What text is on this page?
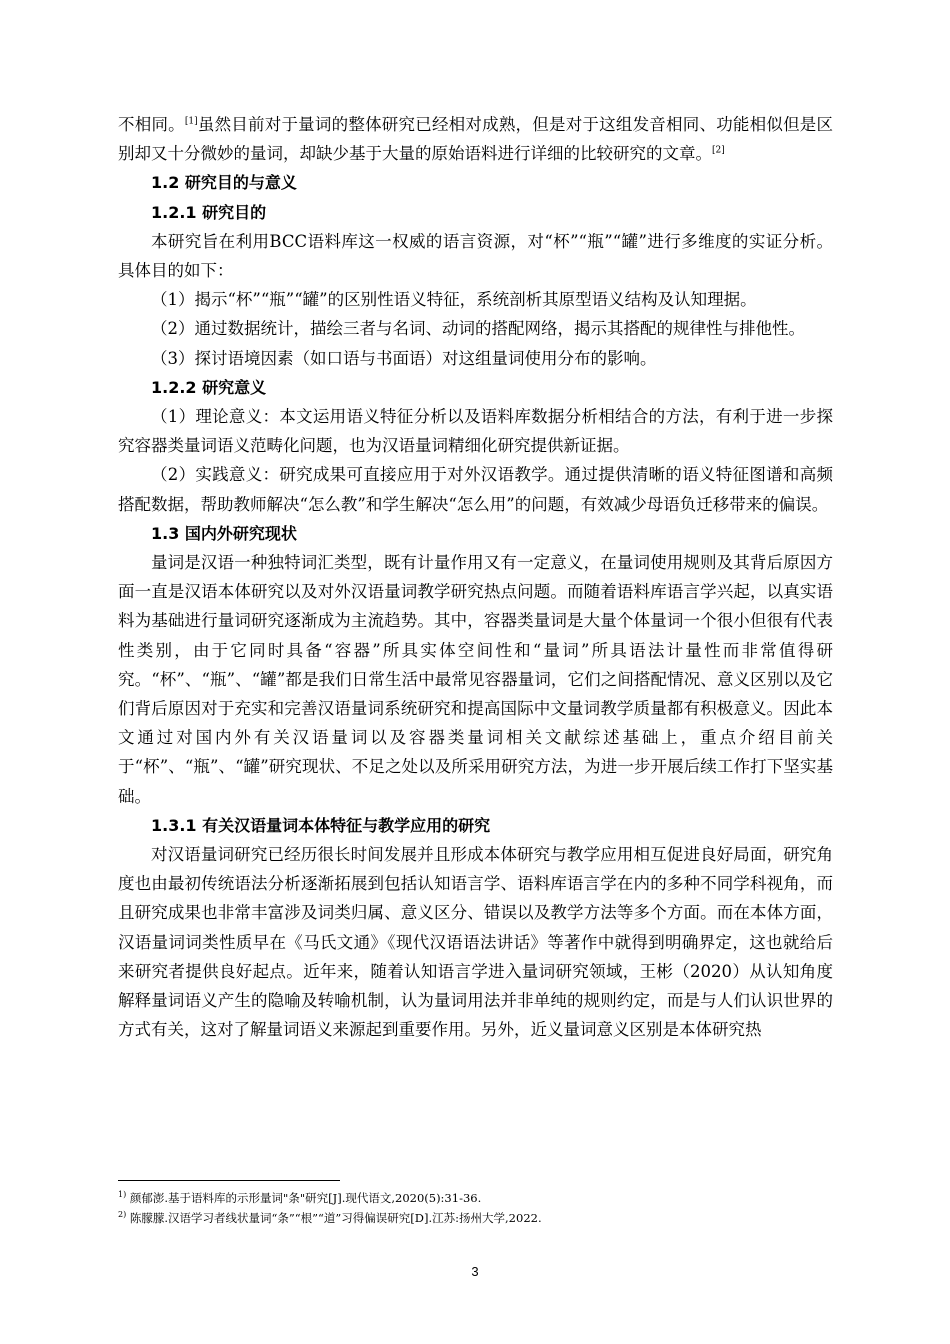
不相同。[1]虽然目前对于量词的整体研究已经相对成熟，但是对于这组发音相同、功能相似但是区别却又十分微妙的量词，却缺少基于大量的原始语料进行详细的比较研究的文章。[2]

1.2 研究目的与意义
1.2.1 研究目的

本研究旨在利用BCC语料库这一权威的语言资源，对“杯”“瓶”“罐”进行多维度的实证分析。具体目的如下：

（1）揭示“杯”“瓶”“罐”的区别性语义特征，系统剖析其原型语义结构及认知理据。

（2）通过数据统计，描绘三者与名词、动词的搭配网络，揭示其搭配的规律性与排他性。

（3）探讨语境因素（如口语与书面语）对这组量词使用分布的影响。

1.2.2 研究意义

（1）理论意义：本文运用语义特征分析以及语料库数据分析相结合的方法，有利于进一步探究容器类量词语义范畴化问题，也为汉语量词精细化研究提供新证据。

（2）实践意义：研究成果可直接应用于对外汉语教学。通过提供清晰的语义特征图谱和高频搭配数据，帮助教师解决“怎么教”和学生解决“怎么用”的问题，有效减少母语负迁移带来的偏误。

1.3 国内外研究现状

量词是汉语一种独特词汇类型，既有计量作用又有一定意义，在量词使用规则及其背后原因方面一直是汉语本体研究以及对外汉语量词教学研究热点问题。而随着语料库语言学兴起，以真实语料为基础进行量词研究逐渐成为主流趋势。其中，容器类量词是大量个体量词一个很小但很有代表性类别，由于它同时具备“容器”所具实体空间性和“量词”所具语法计量性而非常值得研究。“杯”、“瓶”、“罐”都是我们日常生活中最常见容器量词，它们之间搭配情况、意义区别以及它们背后原因对于充实和完善汉语量词系统研究和提高国际中文量词教学质量都有积极意义。因此本文通过对国内外有关汉语量词以及容器类量词相关文献综述基础上，重点介绍目前关于“杯”、“瓶”、“罐”研究现状、不足之处以及所采用研究方法，为进一步开展后续工作打下坚实基础。

1.3.1 有关汉语量词本体特征与教学应用的研究

对汉语量词研究已经历很长时间发展并且形成本体研究与教学应用相互促进良好局面，研究角度也由最初传统语法分析逐渐拓展到包括认知语言学、语料库语言学在内的多种不同学科视角，而且研究成果也非常丰富涉及词类归属、意义区分、错误以及教学方法等多个方面。而在本体方面，汉语量词词类性质早在《马氏文通》《现代汉语语法讲话》等著作中就得到明确界定，这也就给后来研究者提供良好起点。近年来，随着认知语言学进入量词研究领域，王彬（2020）从认知角度解释量词语义产生的隐喻及转喻机制，认为量词用法并非单纯的规则约定，而是与人们认识世界的方式有关，这对了解量词语义来源起到重要作用。另外，近义量词意义区别是本体研究热

$^{1)}$ 颜郁澎.基于语料库的示形量词"条"研究[J].现代语文,2020(5):31-36.

$^{2)}$ 陈朦朦.汉语学习者线状量词“条”“根”“道”习得偏误研究[D].江苏:扬州大学,2022.

3
